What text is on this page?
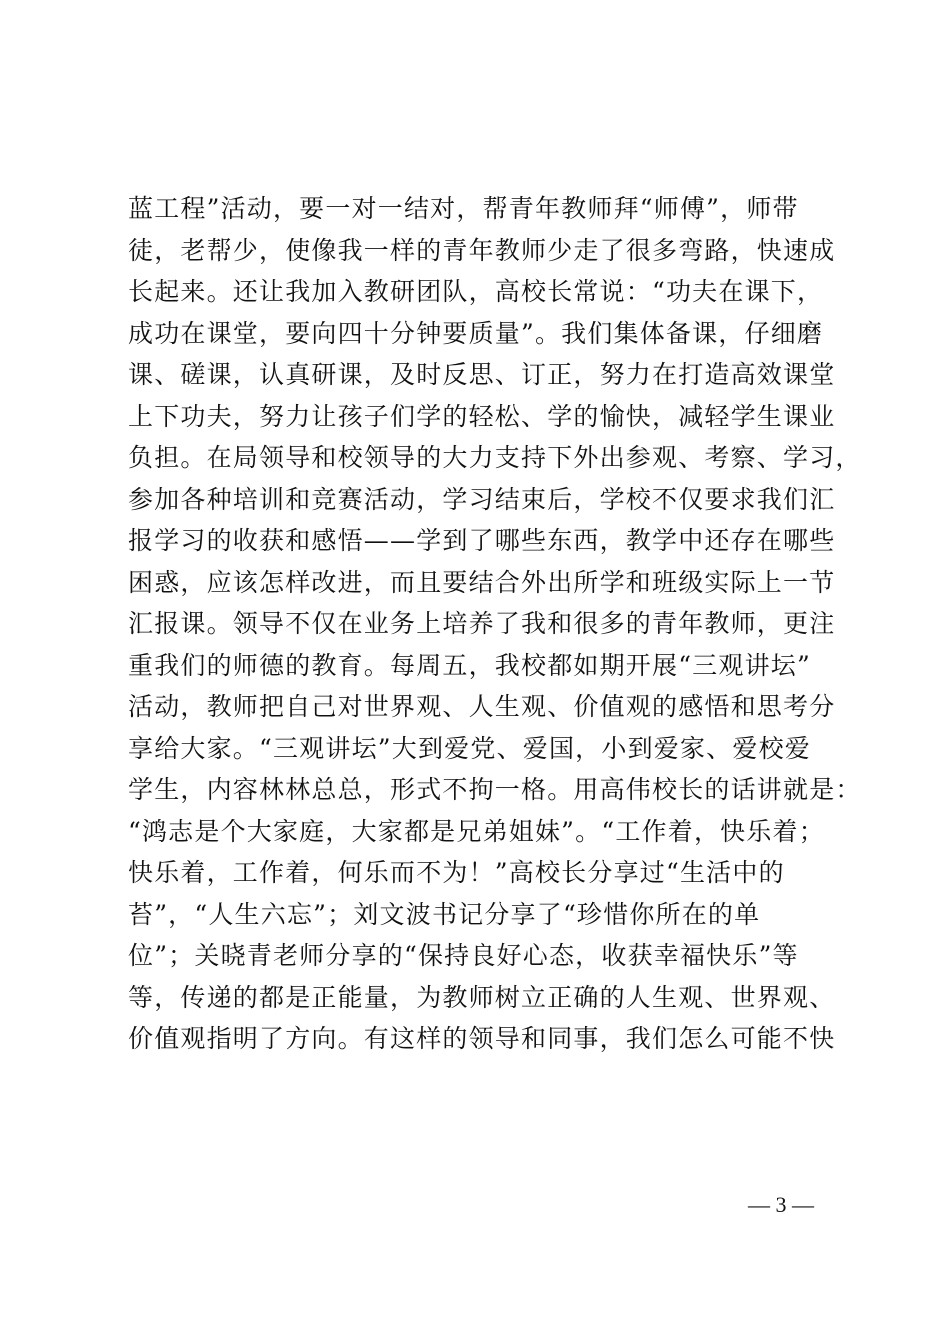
蓝工程”活动，要一对一结对，帮青年教师拜“师傅”，师带
徒，老帮少，使像我一样的青年教师少走了很多弯路，快速成
长起来。还让我加入教研团队，高校长常说：“功夫在课下，
成功在课堂，要向四十分钟要质量”。我们集体备课，仔细磨
课、磋课，认真研课，及时反思、订正，努力在打造高效课堂
上下功夫，努力让孩子们学的轻松、学的愉快，减轻学生课业
负担。在局领导和校领导的大力支持下外出参观、考察、学习，
参加各种培训和竞赛活动，学习结束后，学校不仅要求我们汇
报学习的收获和感悟——学到了哪些东西，教学中还存在哪些
困惑，应该怎样改进，而且要结合外出所学和班级实际上一节
汇报课。领导不仅在业务上培养了我和很多的青年教师，更注
重我们的师德的教育。每周五，我校都如期开展“三观讲坛”
活动，教师把自己对世界观、人生观、价值观的感悟和思考分
享给大家。“三观讲坛”大到爱党、爱国，小到爱家、爱校爱
学生，内容林林总总，形式不拘一格。用高伟校长的话讲就是：
“鸿志是个大家庭，大家都是兄弟姐妹”。“工作着，快乐着；
快乐着，工作着，何乐而不为！”高校长分享过“生活中的
苔”，“人生六忘”；刘文波书记分享了“珍惜你所在的单
位”；关晓青老师分享的“保持良好心态，收获幸福快乐”等
等，传递的都是正能量，为教师树立正确的人生观、世界观、
价值观指明了方向。有这样的领导和同事，我们怎么可能不快
— 3 —
